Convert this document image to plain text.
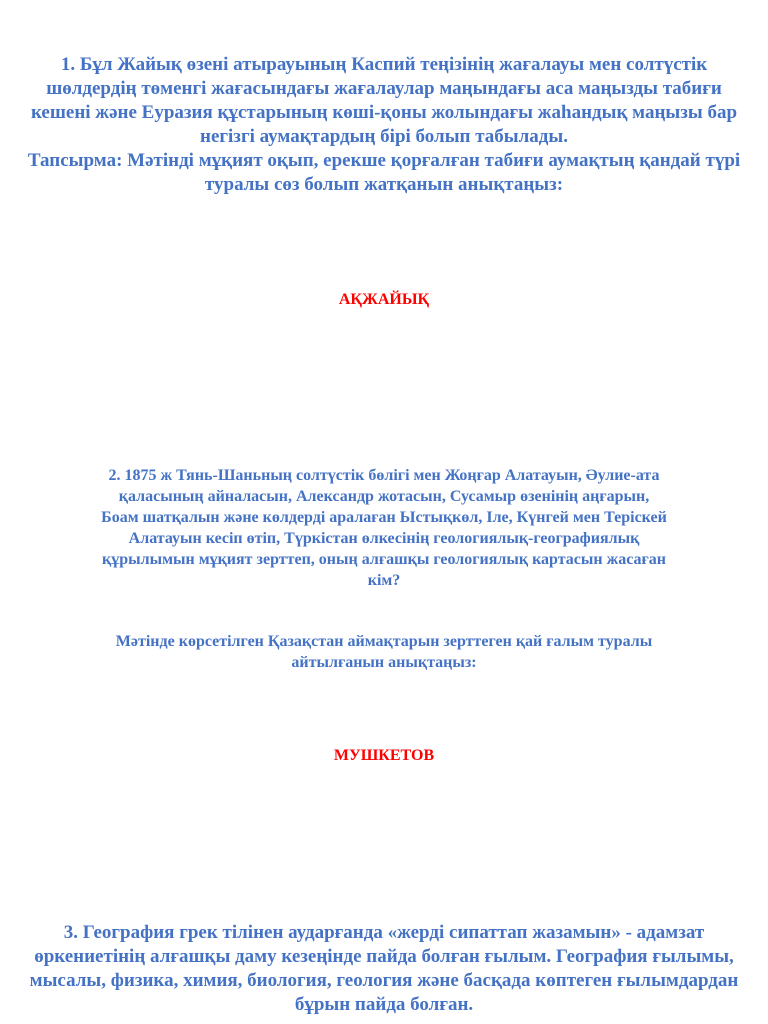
1. Бұл Жайық өзені атырауының Каспий теңізінің жағалауы мен солтүстік шөлдердің төменгі жағасындағы жағалаулар маңындағы аса маңызды табиғи кешені және Еуразия құстарының көші-қоны жолындағы жаһандық маңызы бар негізгі аумақтардың бірі болып табылады.

Тапсырма: Мәтінді мұқият оқып, ерекше қорғалған табиғи аумақтың қандай түрі туралы сөз болып жатқанын анықтаңыз:

АҚЖАЙЫҚ
2. 1875 ж Тянь-Шаньның солтүстік бөлігі мен Жоңғар Алатауын, Әулие-ата қаласының айналасын, Александр жотасын, Сусамыр өзенінің аңғарын, Боам шатқалын және көлдерді аралаған Ыстықкөл, Іле, Күнгей мен Теріскей Алатауын кесіп өтіп, Түркістан өлкесінің геологиялық-географиялық құрылымын мұқият зерттеп, оның алғашқы геологиялық картасын жасаған кім?
Мәтінде көрсетілген Қазақстан аймақтарын зерттеген қай ғалым туралы айтылғанын анықтаңыз:
МУШКЕТОВ
3. География грек тілінен аударғанда «жерді сипаттап жазамын» - адамзат өркениетінің алғашқы даму кезеңінде пайда болған ғылым. География ғылымы, мысалы, физика, химия, биология, геология және басқада көптеген ғылымдардан бұрын пайда болған.
